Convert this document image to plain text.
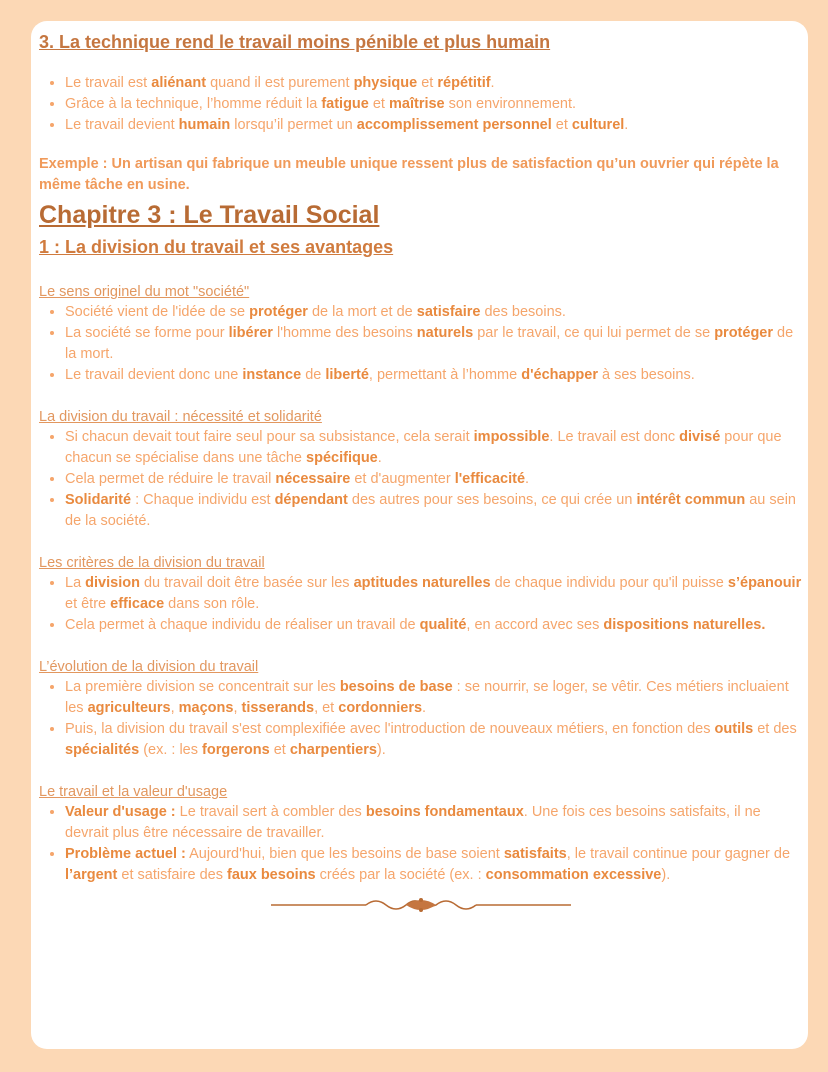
3. La technique rend le travail moins pénible et plus humain
• Le travail est aliénant quand il est purement physique et répétitif.
• Grâce à la technique, l’homme réduit la fatigue et maîtrise son environnement.
• Le travail devient humain lorsqu’il permet un accomplissement personnel et culturel.

Exemple : Un artisan qui fabrique un meuble unique ressent plus de satisfaction qu’un ouvrier qui répète la même tâche en usine.

Chapitre 3 : Le Travail Social
1 : La division du travail et ses avantages

Le sens originel du mot "société"

• Société vient de l'idée de se protéger de la mort et de satisfaire des besoins.
• La société se forme pour libérer l'homme des besoins naturels par le travail, ce qui lui permet de se protéger de la mort.
• Le travail devient donc une instance de liberté, permettant à l’homme d'échapper à ses besoins.

La division du travail : nécessité et solidarité

• Si chacun devait tout faire seul pour sa subsistance, cela serait impossible. Le travail est donc divisé pour que chacun se spécialise dans une tâche spécifique.
• Cela permet de réduire le travail nécessaire et d'augmenter l'efficacité.
• Solidarité : Chaque individu est dépendant des autres pour ses besoins, ce qui crée un intérêt commun au sein de la société.

Les critères de la division du travail

• La division du travail doit être basée sur les aptitudes naturelles de chaque individu pour qu'il puisse s’épanouir et être efficace dans son rôle.
• Cela permet à chaque individu de réaliser un travail de qualité, en accord avec ses dispositions naturelles.

L’évolution de la division du travail

• La première division se concentrait sur les besoins de base : se nourrir, se loger, se vêtir. Ces métiers incluaient les agriculteurs, maçons, tisserands, et cordonniers.
• Puis, la division du travail s'est complexifiée avec l'introduction de nouveaux métiers, en fonction des outils et des spécialités (ex. : les forgerons et charpentiers).

Le travail et la valeur d'usage

• Valeur d'usage : Le travail sert à combler des besoins fondamentaux. Une fois ces besoins satisfaits, il ne devrait plus être nécessaire de travailler.
• Problème actuel : Aujourd'hui, bien que les besoins de base soient satisfaits, le travail continue pour gagner de l’argent et satisfaire des faux besoins créés par la société (ex. : consommation excessive).
